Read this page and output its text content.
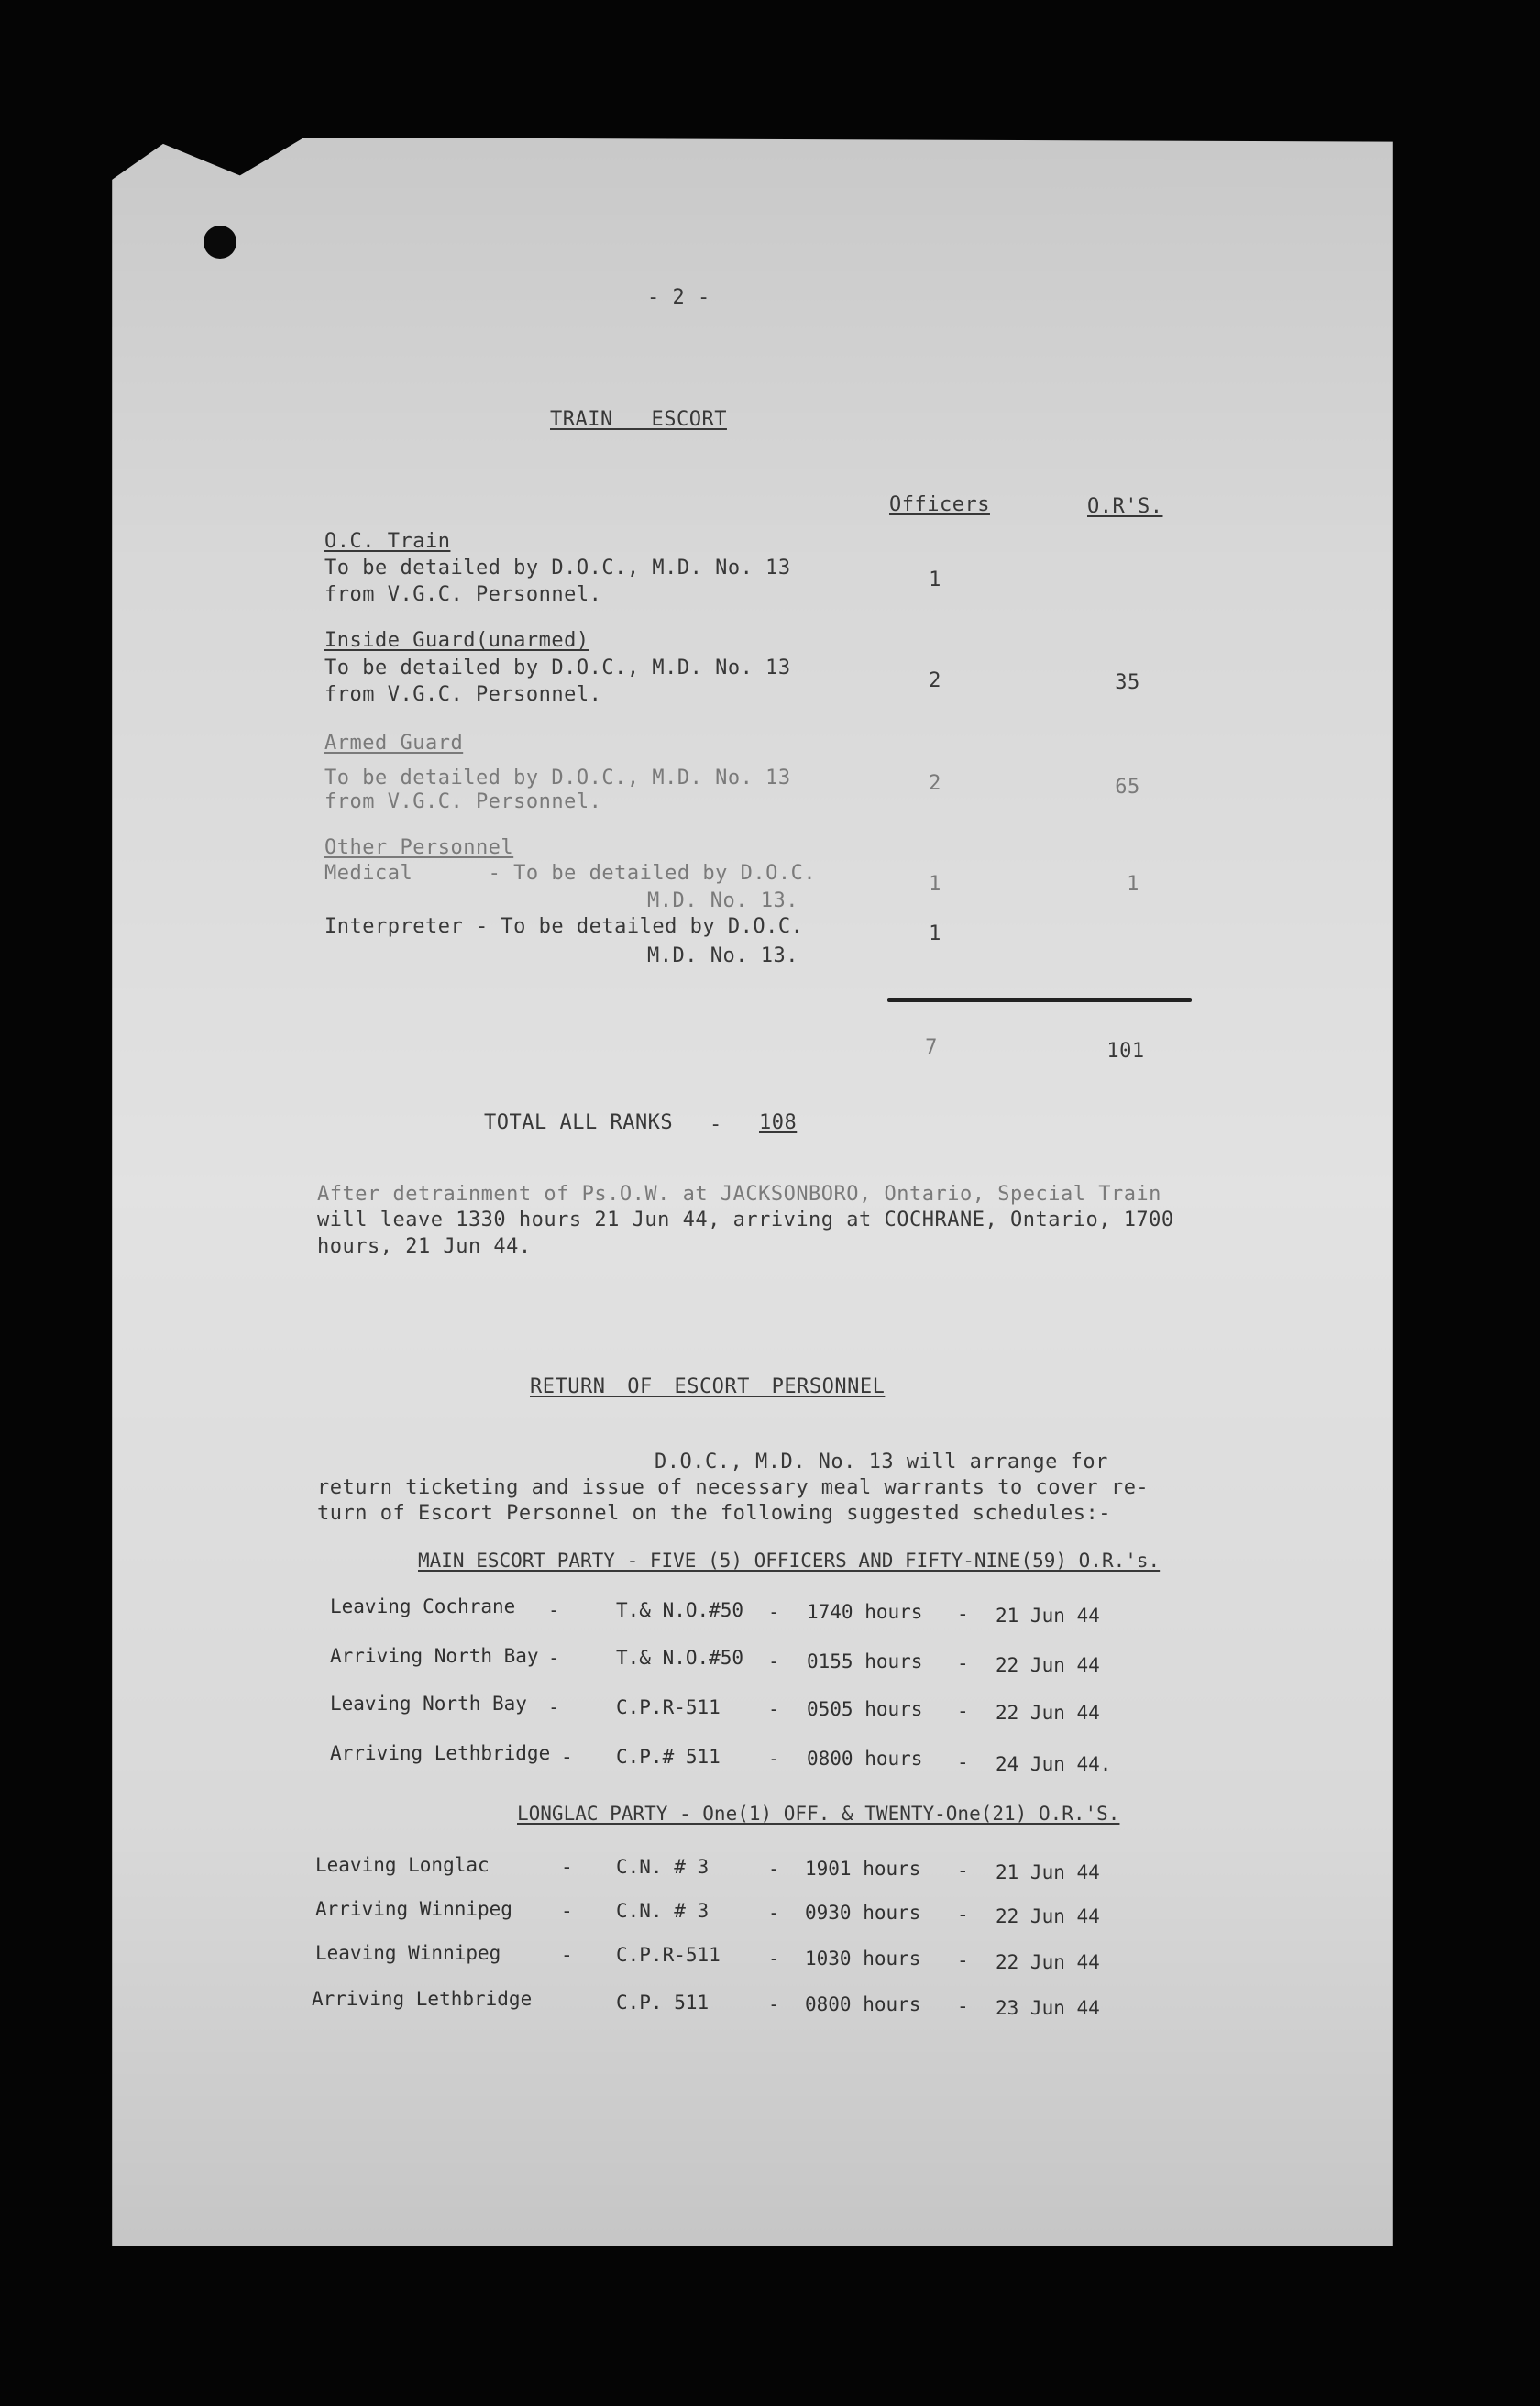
- 2 -
TRAIN ESCORT
Officers	O.R'S.
O.C. Train
To be detailed by D.O.C., M.D. No. 13
from V.G.C. Personnel.
1
Inside Guard(unarmed)
To be detailed by D.O.C., M.D. No. 13
from V.G.C. Personnel.
2	35
Armed Guard
To be detailed by D.O.C., M.D. No. 13
from V.G.C. Personnel.
2	65
Other Personnel
Medical      - To be detailed by D.O.C.
M.D. No. 13.
1	1
Interpreter - To be detailed by D.O.C.
M.D. No. 13.
1
7	101
TOTAL ALL RANKS - 108
After detrainment of Ps.O.W. at JACKSONBORO, Ontario, Special Train
will leave 1330 hours 21 Jun 44, arriving at COCHRANE, Ontario, 1700
hours, 21 Jun 44.
RETURN OF ESCORT PERSONNEL
D.O.C., M.D. No. 13 will arrange for
return ticketing and issue of necessary meal warrants to cover re-
turn of Escort Personnel on the following suggested schedules:-
MAIN ESCORT PARTY - FIVE (5) OFFICERS AND FIFTY-NINE(59) O.R.'s.
Leaving Cochrane -	T.& N.O.#50 - 1740 hours - 21 Jun 44
Arriving North Bay -	T.& N.O.#50 - 0155 hours - 22 Jun 44
Leaving North Bay -	C.P.R-511 - 0505 hours - 22 Jun 44
Arriving Lethbridge - C.P.# 511 - 0800 hours - 24 Jun 44.
LONGLAC PARTY - One(1) OFF. & TWENTY-One(21) O.R.'S.
Leaving Longlac	- C.N. # 3	- 1901 hours - 21 Jun 44
Arriving Winnipeg	- C.N. # 3	- 0930 hours - 22 Jun 44
Leaving Winnipeg	- C.P.R-511 - 1030 hours - 22 Jun 44
Arriving Lethbridge	C.P. 511	- 0800 hours - 23 Jun 44
